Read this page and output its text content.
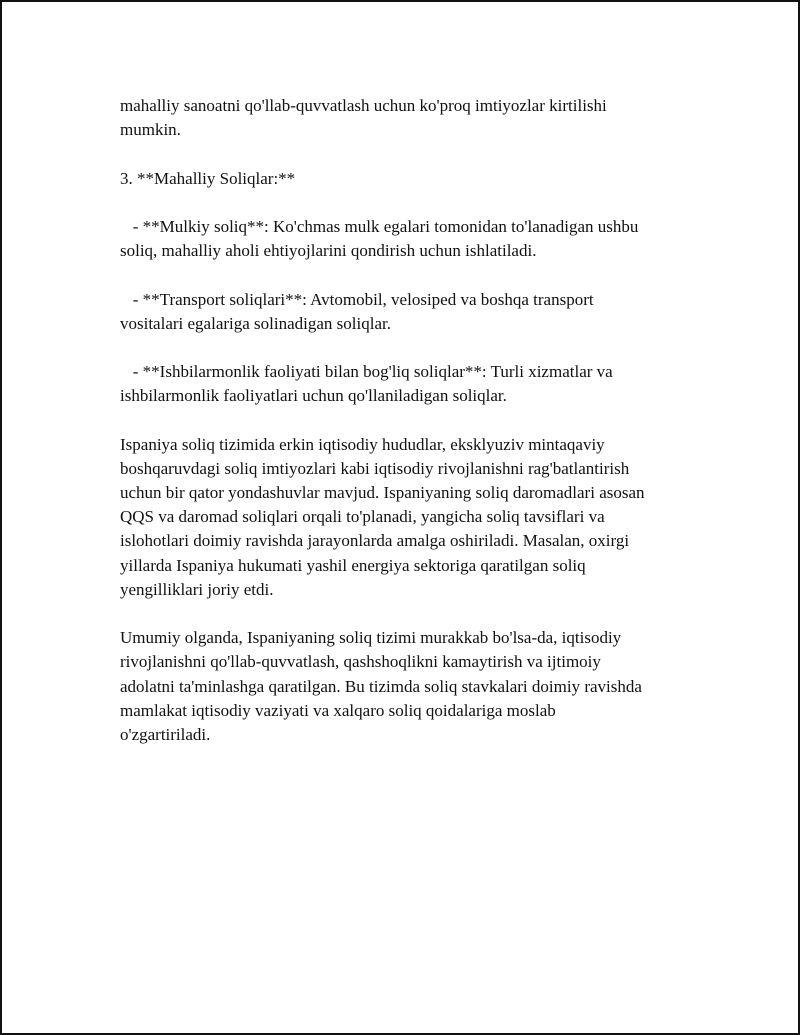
mahalliy sanoatni qo'llab-quvvatlash uchun ko'proq imtiyozlar kirtilishi
mumkin.
3. **Mahalliy Soliqlar:**
- **Mulkiy soliq**: Ko'chmas mulk egalari tomonidan to'lanadigan ushbu
soliq, mahalliy aholi ehtiyojlarini qondirish uchun ishlatiladi.
- **Transport soliqlari**: Avtomobil, velosiped va boshqa transport
vositalari egalariga solinadigan soliqlar.
- **Ishbilarmonlik faoliyati bilan bog'liq soliqlar**: Turli xizmatlar va
ishbilarmonlik faoliyatlari uchun qo'llaniladigan soliqlar.
Ispaniya soliq tizimida erkin iqtisodiy hududlar, eksklyuziv mintaqaviy
boshqaruvdagi soliq imtiyozlari kabi iqtisodiy rivojlanishni rag'batlantirish
uchun bir qator yondashuvlar mavjud. Ispaniyaning soliq daromadlari asosan
QQS va daromad soliqlari orqali to'planadi, yangicha soliq tavsiflari va
islohotlari doimiy ravishda jarayonlarda amalga oshiriladi. Masalan, oxirgi
yillarda Ispaniya hukumati yashil energiya sektoriga qaratilgan soliq
yengilliklari joriy etdi.
Umumiy olganda, Ispaniyaning soliq tizimi murakkab bo'lsa-da, iqtisodiy
rivojlanishni qo'llab-quvvatlash, qashshoqlikni kamaytirish va ijtimoiy
adolatni ta'minlashga qaratilgan. Bu tizimda soliq stavkalari doimiy ravishda
mamlakat iqtisodiy vaziyati va xalqaro soliq qoidalariga moslab
o'zgartiriladi.
